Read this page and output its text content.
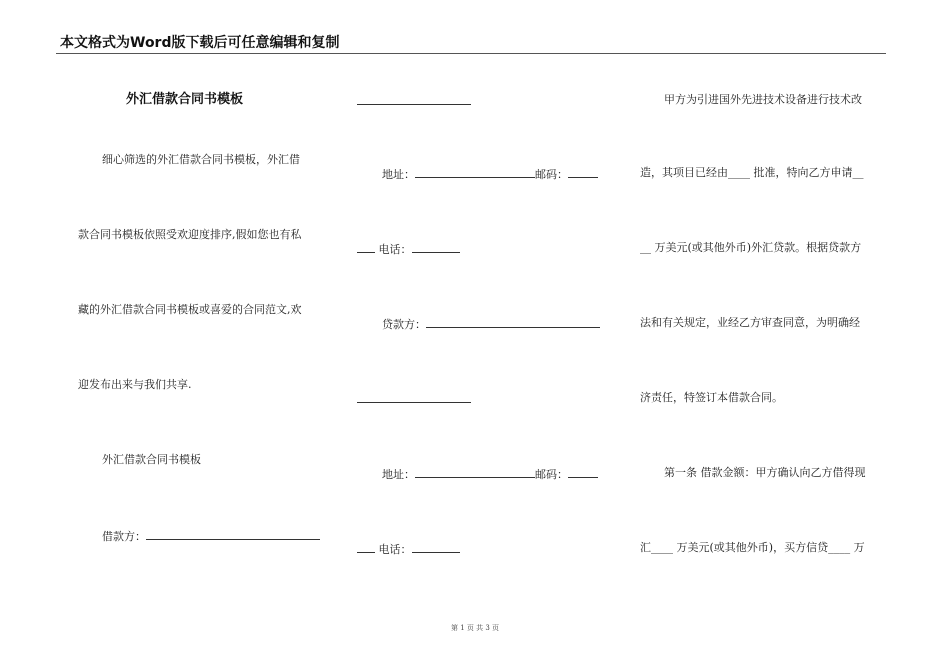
本文格式为Word版下载后可任意编辑和复制
外汇借款合同书模板
细心筛选的外汇借款合同书模板，外汇借
款合同书模板依照受欢迎度排序,假如您也有私
藏的外汇借款合同书模板或喜爱的合同范文,欢
迎发布出来与我们共享.
外汇借款合同书模板
借款方：
地址：	邮码：
电话：
贷款方：
地址：	邮码：
电话：
甲方为引进国外先进技术设备进行技术改
造，其项目已经由____ 批准，特向乙方申请__
__ 万美元(或其他外币)外汇贷款。根据贷款方
法和有关规定，业经乙方审查同意，为明确经
济责任，特签订本借款合同。
第一条 借款金额：甲方确认向乙方借得现
汇____ 万美元(或其他外币)，买方信贷____ 万
第 1 页 共 3 页
